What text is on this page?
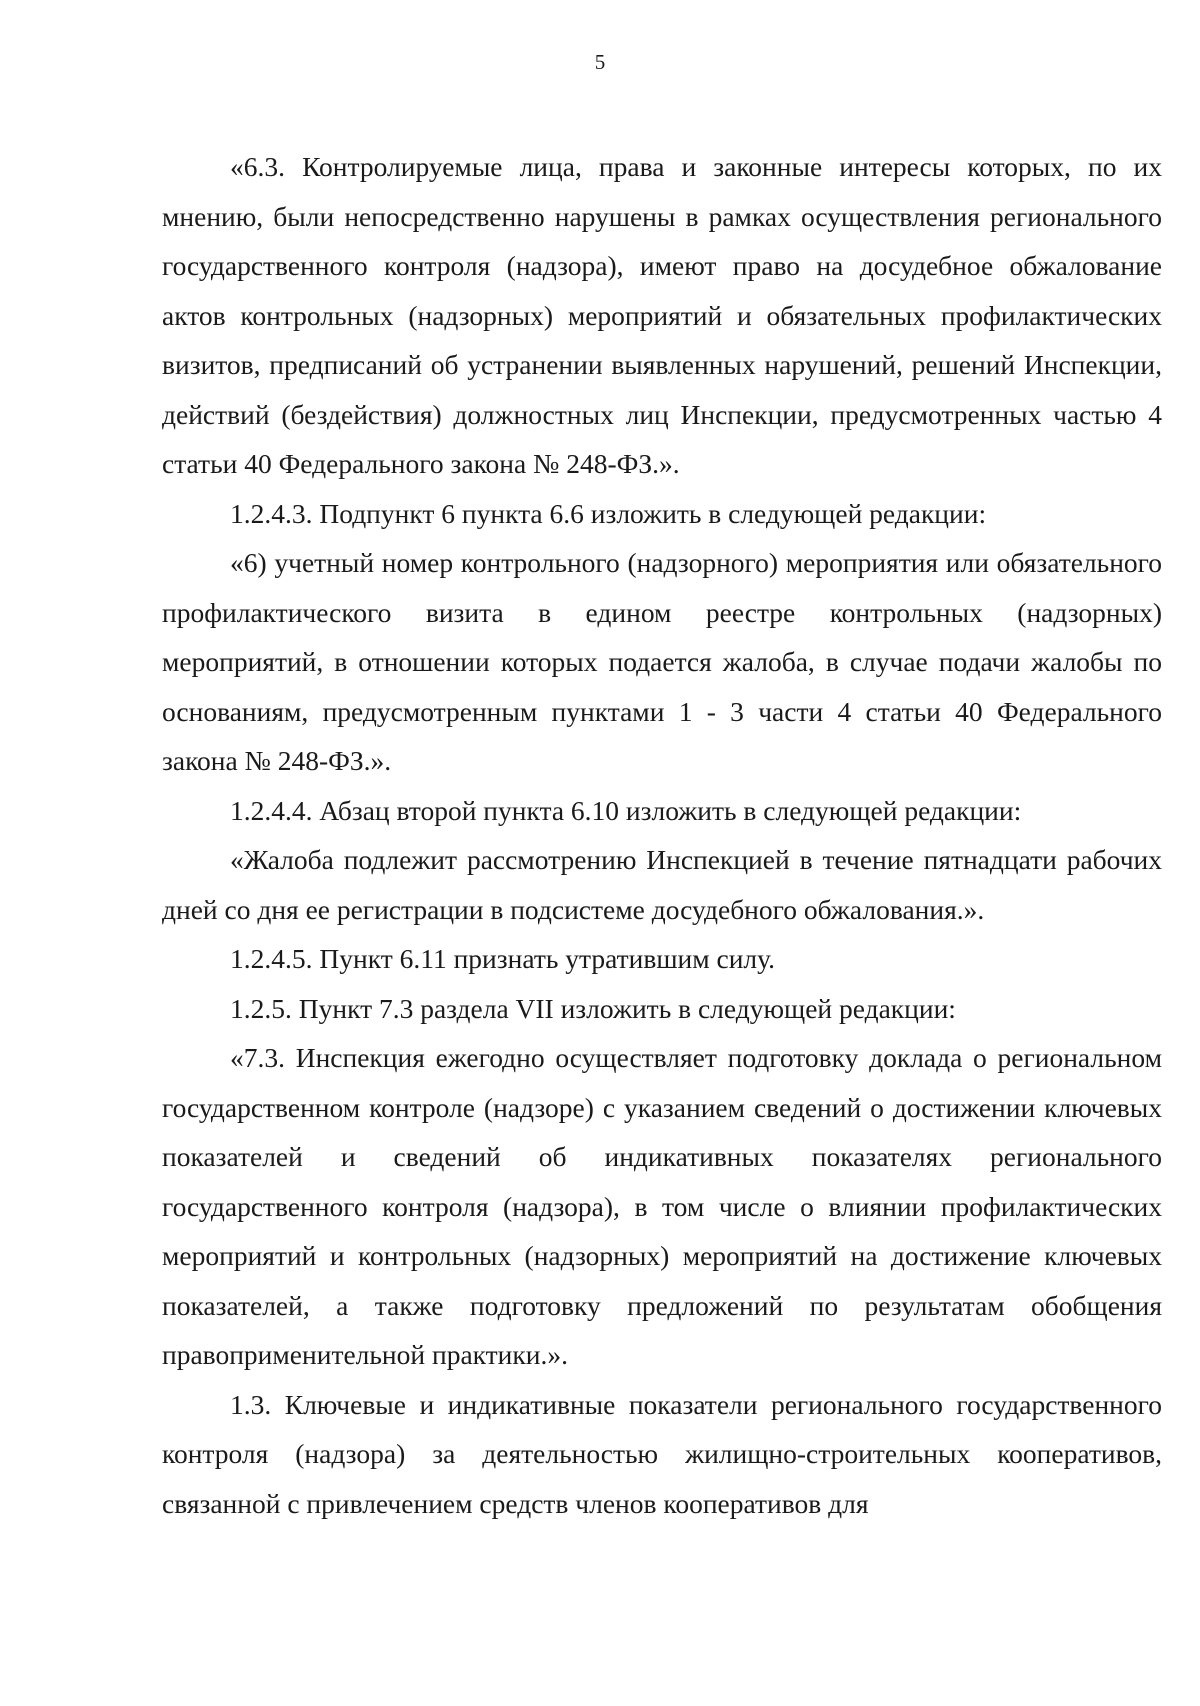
5

«6.3. Контролируемые лица, права и законные интересы которых, по их мнению, были непосредственно нарушены в рамках осуществления регионального государственного контроля (надзора), имеют право на досудебное обжалование актов контрольных (надзорных) мероприятий и обязательных профилактических визитов, предписаний об устранении выявленных нарушений, решений Инспекции, действий (бездействия) должностных лиц Инспекции, предусмотренных частью 4 статьи 40 Федерального закона № 248-ФЗ.».

1.2.4.3. Подпункт 6 пункта 6.6 изложить в следующей редакции:

«6) учетный номер контрольного (надзорного) мероприятия или обязательного профилактического визита в едином реестре контрольных (надзорных) мероприятий, в отношении которых подается жалоба, в случае подачи жалобы по основаниям, предусмотренным пунктами 1 - 3 части 4 статьи 40 Федерального закона № 248-ФЗ.».

1.2.4.4. Абзац второй пункта 6.10 изложить в следующей редакции:

«Жалоба подлежит рассмотрению Инспекцией в течение пятнадцати рабочих дней со дня ее регистрации в подсистеме досудебного обжалования.».

1.2.4.5. Пункт 6.11 признать утратившим силу.

1.2.5. Пункт 7.3 раздела VII изложить в следующей редакции:

«7.3. Инспекция ежегодно осуществляет подготовку доклада о региональном государственном контроле (надзоре) с указанием сведений о достижении ключевых показателей и сведений об индикативных показателях регионального государственного контроля (надзора), в том числе о влиянии профилактических мероприятий и контрольных (надзорных) мероприятий на достижение ключевых показателей, а также подготовку предложений по результатам обобщения правоприменительной практики.».

1.3. Ключевые и индикативные показатели регионального государственного контроля (надзора) за деятельностью жилищно-строительных кооперативов, связанной с привлечением средств членов кооперативов для
